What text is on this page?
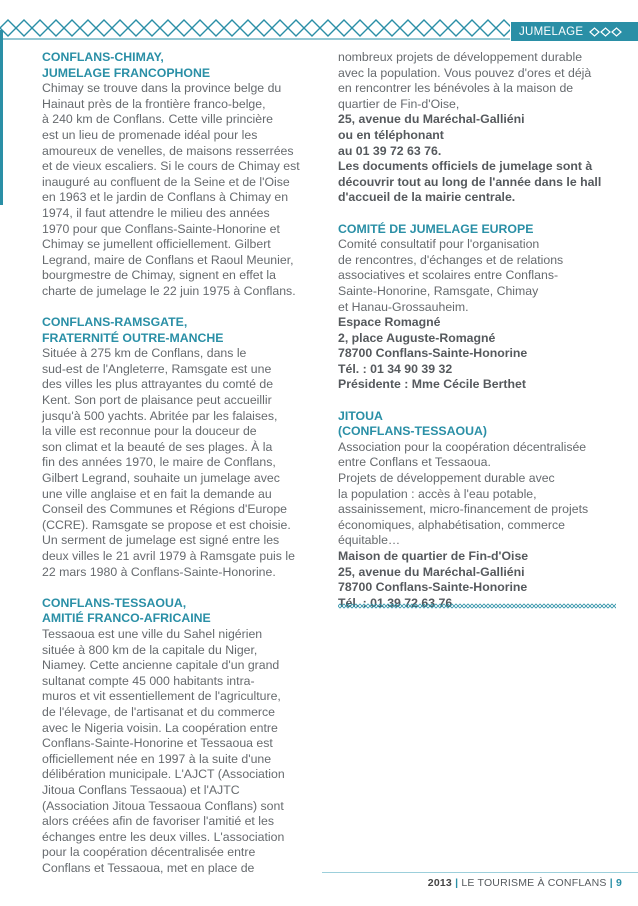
JUMELAGE
CONFLANS-CHIMAY,
JUMELAGE FRANCOPHONE
Chimay se trouve dans la province belge du
Hainaut près de la frontière franco-belge,
à 240 km de Conflans. Cette ville princière
est un lieu de promenade idéal pour les
amoureux de venelles, de maisons resserrées
et de vieux escaliers. Si le cours de Chimay est
inauguré au confluent de la Seine et de l'Oise
en 1963 et le jardin de Conflans à Chimay en
1974, il faut attendre le milieu des années
1970 pour que Conflans-Sainte-Honorine et
Chimay se jumellent officiellement. Gilbert
Legrand, maire de Conflans et Raoul Meunier,
bourgmestre de Chimay, signent en effet la
charte de jumelage le 22 juin 1975 à Conflans.
CONFLANS-RAMSGATE,
FRATERNITÉ OUTRE-MANCHE
Située à 275 km de Conflans, dans le
sud-est de l'Angleterre, Ramsgate est une
des villes les plus attrayantes du comté de
Kent. Son port de plaisance peut accueillir
jusqu'à 500 yachts. Abritée par les falaises,
la ville est reconnue pour la douceur de
son climat et la beauté de ses plages. À la
fin des années 1970, le maire de Conflans,
Gilbert Legrand, souhaite un jumelage avec
une ville anglaise et en fait la demande au
Conseil des Communes et Régions d'Europe
(CCRE). Ramsgate se propose et est choisie.
Un serment de jumelage est signé entre les
deux villes le 21 avril 1979 à Ramsgate puis le
22 mars 1980 à Conflans-Sainte-Honorine.
CONFLANS-TESSAOUA,
AMITIÉ FRANCO-AFRICAINE
Tessaoua est une ville du Sahel nigérien
située à 800 km de la capitale du Niger,
Niamey. Cette ancienne capitale d'un grand
sultanat compte 45 000 habitants intra-
muros et vit essentiellement de l'agriculture,
de l'élevage, de l'artisanat et du commerce
avec le Nigeria voisin. La coopération entre
Conflans-Sainte-Honorine et Tessaoua est
officiellement née en 1997 à la suite d'une
délibération municipale. L'AJCT (Association
Jitoua Conflans Tessaoua) et l'AJTC
(Association Jitoua Tessaoua Conflans) sont
alors créées afin de favoriser l'amitié et les
échanges entre les deux villes. L'association
pour la coopération décentralisée entre
Conflans et Tessaoua, met en place de
nombreux projets de développement durable
avec la population. Vous pouvez d'ores et déjà
en rencontrer les bénévoles à la maison de
quartier de Fin-d'Oise,
25, avenue du Maréchal-Galliéni
ou en téléphonant
au 01 39 72 63 76.
Les documents officiels de jumelage sont à
découvrir tout au long de l'année dans le hall
d'accueil de la mairie centrale.
COMITÉ DE JUMELAGE EUROPE
Comité consultatif pour l'organisation
de rencontres, d'échanges et de relations
associatives et scolaires entre Conflans-
Sainte-Honorine, Ramsgate, Chimay
et Hanau-Grossauheim.
Espace Romagné
2, place Auguste-Romagné
78700 Conflans-Sainte-Honorine
Tél. : 01 34 90 39 32
Présidente : Mme Cécile Berthet
JITOUA
(CONFLANS-TESSAOUA)
Association pour la coopération décentralisée
entre Conflans et Tessaoua.
Projets de développement durable avec
la population : accès à l'eau potable,
assainissement, micro-financement de projets
économiques, alphabétisation, commerce
équitable…
Maison de quartier de Fin-d'Oise
25, avenue du Maréchal-Galliéni
78700 Conflans-Sainte-Honorine
Tél. : 01 39 72 63 76
2013 | LE TOURISME À CONFLANS | 9
